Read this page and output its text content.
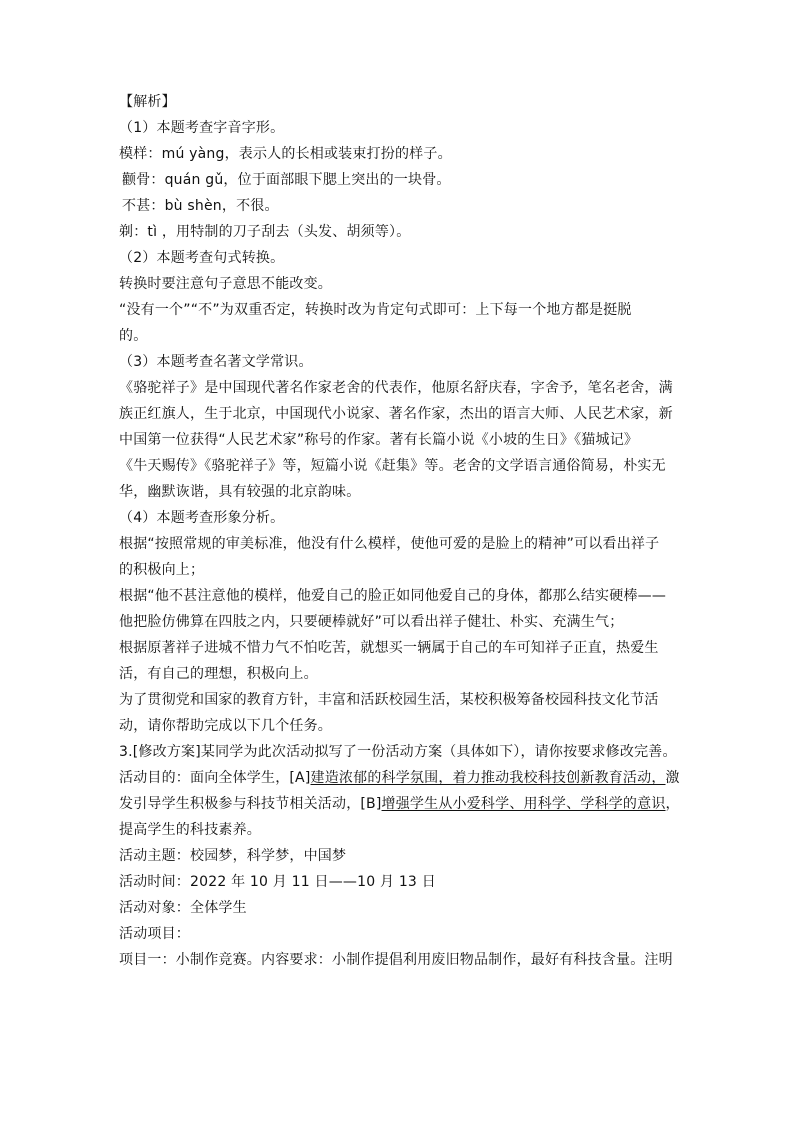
【解析】
（1）本题考查字音字形。
模样：mú yàng，表示人的长相或装束打扮的样子。
颧骨：quán gǔ，位于面部眼下腮上突出的一块骨。
不甚：bù shèn，不很。
剃：tì ，用特制的刀子刮去（头发、胡须等）。
（2）本题考查句式转换。
转换时要注意句子意思不能改变。
“没有一个”“不”为双重否定，转换时改为肯定句式即可：上下每一个地方都是挺脱
的。
（3）本题考查名著文学常识。
《骆驼祥子》是中国现代著名作家老舍的代表作，他原名舒庆春，字舍予，笔名老舍，满
族正红旗人，生于北京，中国现代小说家、著名作家，杰出的语言大师、人民艺术家，新
中国第一位获得“人民艺术家”称号的作家。著有长篇小说《小坡的生日》《猫城记》
《牛天赐传》《骆驼祥子》等，短篇小说《赶集》等。老舍的文学语言通俗简易，朴实无
华，幽默诙谐，具有较强的北京韵味。
（4）本题考查形象分析。
根据“按照常规的审美标准，他没有什么模样，使他可爱的是脸上的精神”可以看出祥子
的积极向上；
根据“他不甚注意他的模样，他爱自己的脸正如同他爱自己的身体，都那么结实硬棒——
他把脸仿佛算在四肢之内，只要硬棒就好”可以看出祥子健壮、朴实、充满生气；
根据原著祥子进城不惜力气不怕吃苦，就想买一辆属于自己的车可知祥子正直，热爱生
活，有自己的理想，积极向上。
为了贯彻党和国家的教育方针，丰富和活跃校园生活，某校积极筹备校园科技文化节活
动，请你帮助完成以下几个任务。
3.[修改方案]某同学为此次活动拟写了一份活动方案（具体如下），请你按要求修改完善。
活动目的：面向全体学生，[A]建造浓郁的科学氛围，着力推动我校科技创新教育活动，激
发引导学生积极参与科技节相关活动，[B]增强学生从小爱科学、用科学、学科学的意识，
提高学生的科技素养。
活动主题：校园梦，科学梦，中国梦
活动时间：2022 年 10 月 11 日——10 月 13 日
活动对象：全体学生
活动项目：
项目一：小制作竞赛。内容要求：小制作提倡利用废旧物品制作，最好有科技含量。注明
